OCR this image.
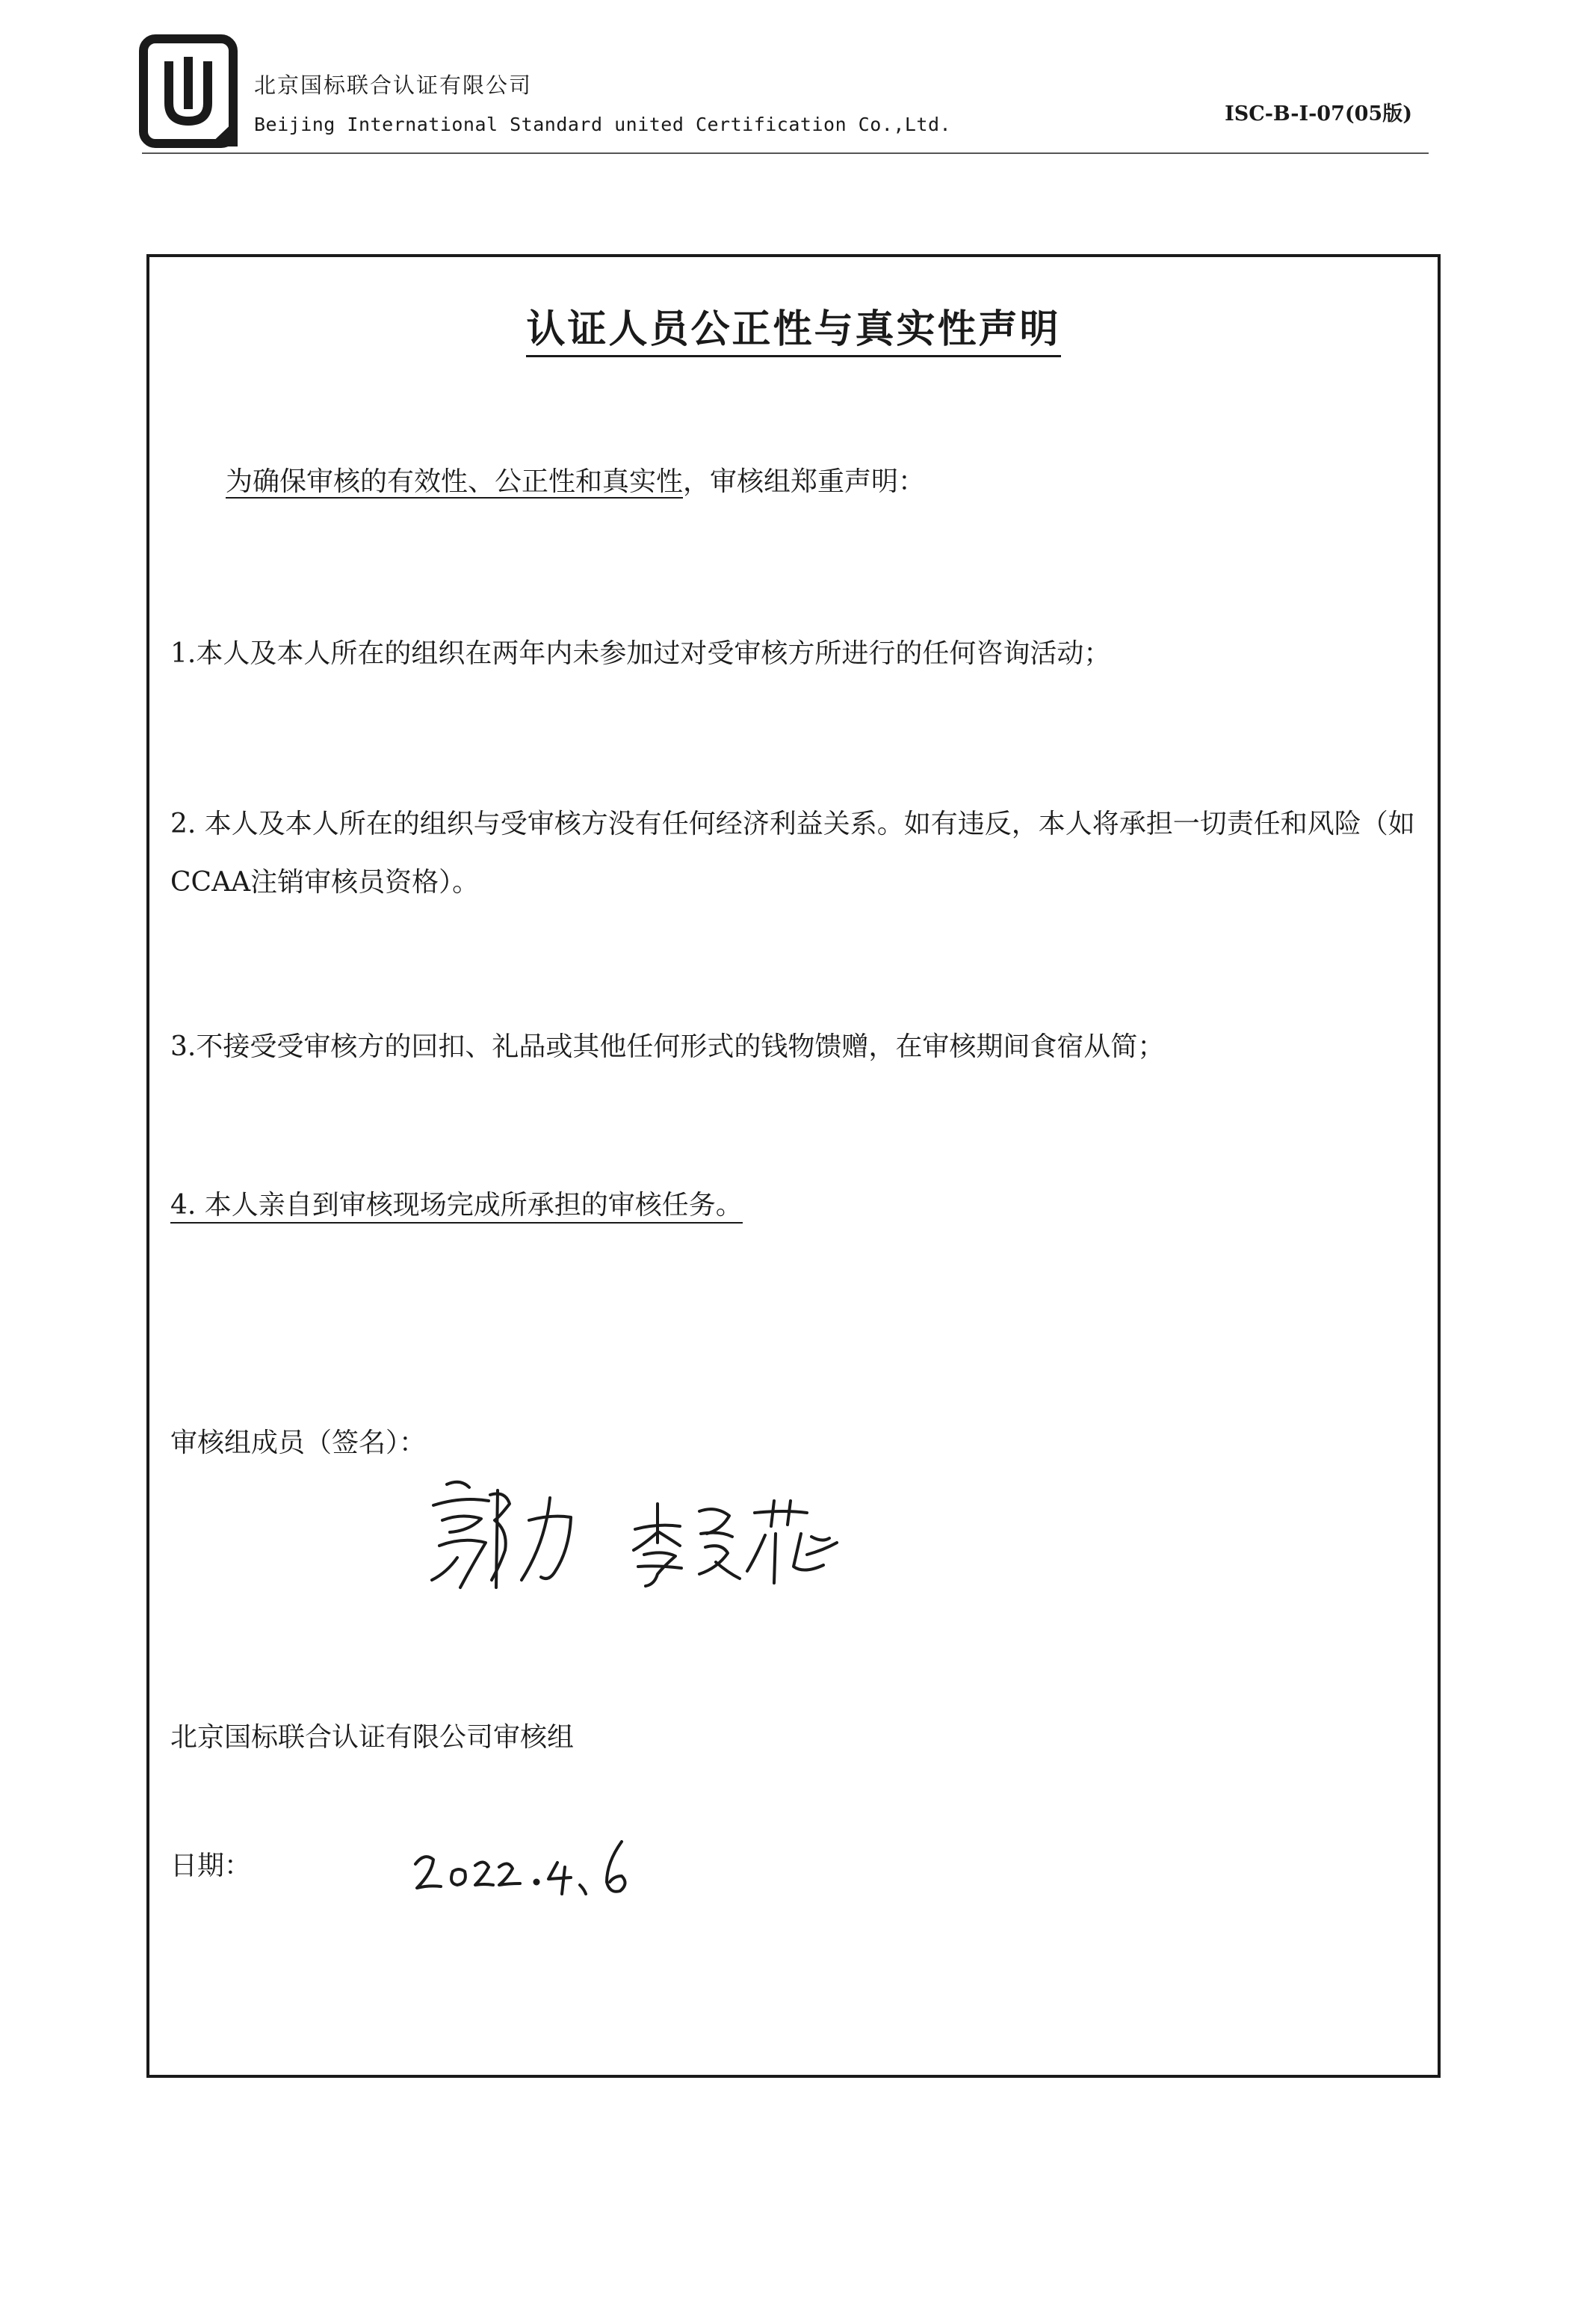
北京国标联合认证有限公司
Beijing International Standard united Certification Co.,Ltd.	ISC-B-I-07(05版)
认证人员公正性与真实性声明
为确保审核的有效性、公正性和真实性，审核组郑重声明：
1.本人及本人所在的组织在两年内未参加过对受审核方所进行的任何咨询活动；
2. 本人及本人所在的组织与受审核方没有任何经济利益关系。如有违反，本人将承担一切责任和风险（如CCAA注销审核员资格）。
3.不接受受审核方的回扣、礼品或其他任何形式的钱物馈赠，在审核期间食宿从简；
4. 本人亲自到审核现场完成所承担的审核任务。
审核组成员（签名）：
北京国标联合认证有限公司审核组
日期：
